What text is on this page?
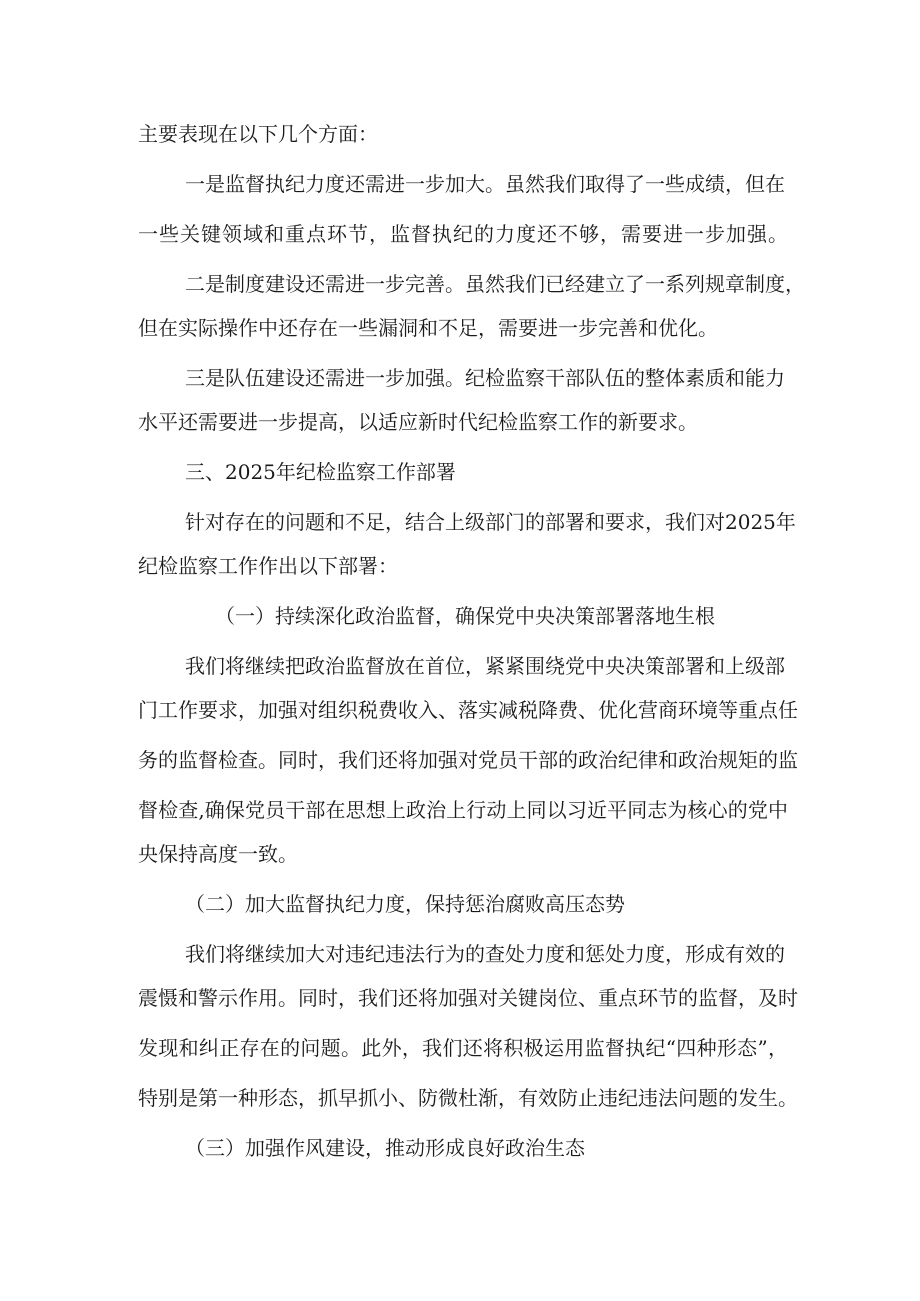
主要表现在以下几个方面：

一是监督执纪力度还需进一步加大。虽然我们取得了一些成绩，但在

一些关键领域和重点环节，监督执纪的力度还不够，需要进一步加强。

二是制度建设还需进一步完善。虽然我们已经建立了一系列规章制度，

但在实际操作中还存在一些漏洞和不足，需要进一步完善和优化。

三是队伍建设还需进一步加强。纪检监察干部队伍的整体素质和能力

水平还需要进一步提高，以适应新时代纪检监察工作的新要求。

三、2025年纪检监察工作部署

针对存在的问题和不足，结合上级部门的部署和要求，我们对2025年

纪检监察工作作出以下部署：

（一）持续深化政治监督，确保党中央决策部署落地生根

我们将继续把政治监督放在首位，紧紧围绕党中央决策部署和上级部

门工作要求，加强对组织税费收入、落实减税降费、优化营商环境等重点任

务的监督检查。同时，我们还将加强对党员干部的政治纪律和政治规矩的监

督检查,确保党员干部在思想上政治上行动上同以习近平同志为核心的党中

央保持高度一致。

（二）加大监督执纪力度，保持惩治腐败高压态势

我们将继续加大对违纪违法行为的查处力度和惩处力度，形成有效的

震慑和警示作用。同时，我们还将加强对关键岗位、重点环节的监督，及时

发现和纠正存在的问题。此外，我们还将积极运用监督执纪“四种形态”，

特别是第一种形态，抓早抓小、防微杜渐，有效防止违纪违法问题的发生。

（三）加强作风建设，推动形成良好政治生态
